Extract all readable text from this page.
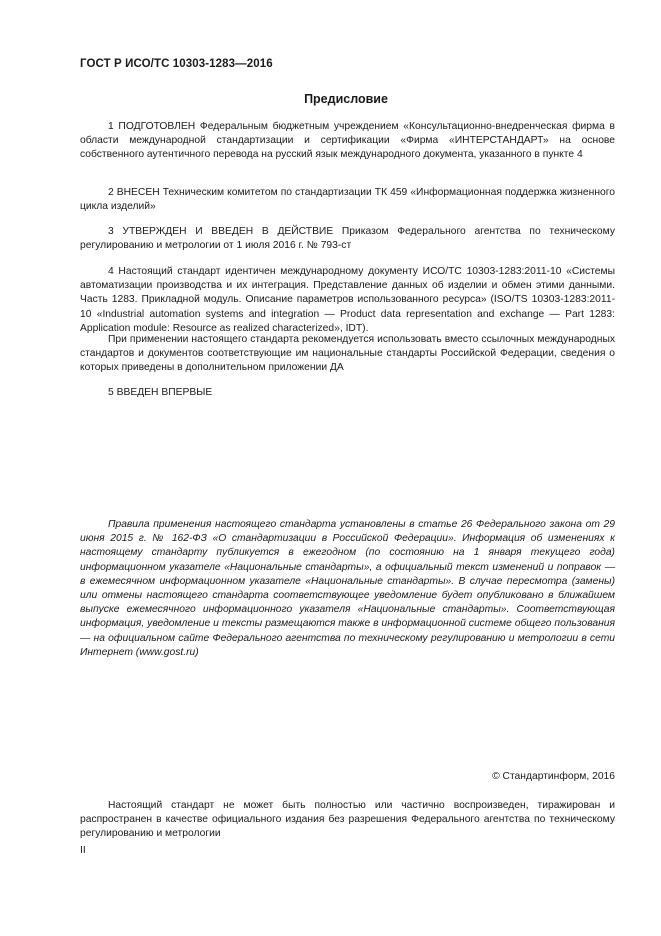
ГОСТ Р ИСО/ТС 10303-1283—2016
Предисловие

1 ПОДГОТОВЛЕН Федеральным бюджетным учреждением «Консультационно-внедренческая фирма в области международной стандартизации и сертификации «Фирма «ИНТЕРСТАНДАРТ» на основе собственного аутентичного перевода на русский язык международного документа, указанного в пункте 4

2 ВНЕСЕН Техническим комитетом по стандартизации ТК 459 «Информационная поддержка жизненного цикла изделий»

3 УТВЕРЖДЕН И ВВЕДЕН В ДЕЙСТВИЕ Приказом Федерального агентства по техническому регулированию и метрологии от 1 июля 2016 г. № 793-ст

4 Настоящий стандарт идентичен международному документу ИСО/ТС 10303-1283:2011-10 «Системы автоматизации производства и их интеграция. Представление данных об изделии и обмен этими данными. Часть 1283. Прикладной модуль. Описание параметров использованного ресурса» (ISO/TS 10303-1283:2011-10 «Industrial automation systems and integration — Product data representation and exchange — Part 1283: Application module: Resource as realized characterized», IDT).

При применении настоящего стандарта рекомендуется использовать вместо ссылочных международных стандартов и документов соответствующие им национальные стандарты Российской Федерации, сведения о которых приведены в дополнительном приложении ДА

5 ВВЕДЕН ВПЕРВЫЕ

Правила применения настоящего стандарта установлены в статье 26 Федерального закона от 29 июня 2015 г. № 162-ФЗ «О стандартизации в Российской Федерации». Информация об изменениях к настоящему стандарту публикуется в ежегодном (по состоянию на 1 января текущего года) информационном указателе «Национальные стандарты», а официальный текст изменений и поправок — в ежемесячном информационном указателе «Национальные стандарты». В случае пересмотра (замены) или отмены настоящего стандарта соответствующее уведомление будет опубликовано в ближайшем выпуске ежемесячного информационного указателя «Национальные стандарты». Соответствующая информация, уведомление и тексты размещаются также в информационной системе общего пользования — на официальном сайте Федерального агентства по техническому регулированию и метрологии в сети Интернет (www.gost.ru)

© Стандартинформ, 2016

Настоящий стандарт не может быть полностью или частично воспроизведен, тиражирован и распространен в качестве официального издания без разрешения Федерального агентства по техническому регулированию и метрологии

II
